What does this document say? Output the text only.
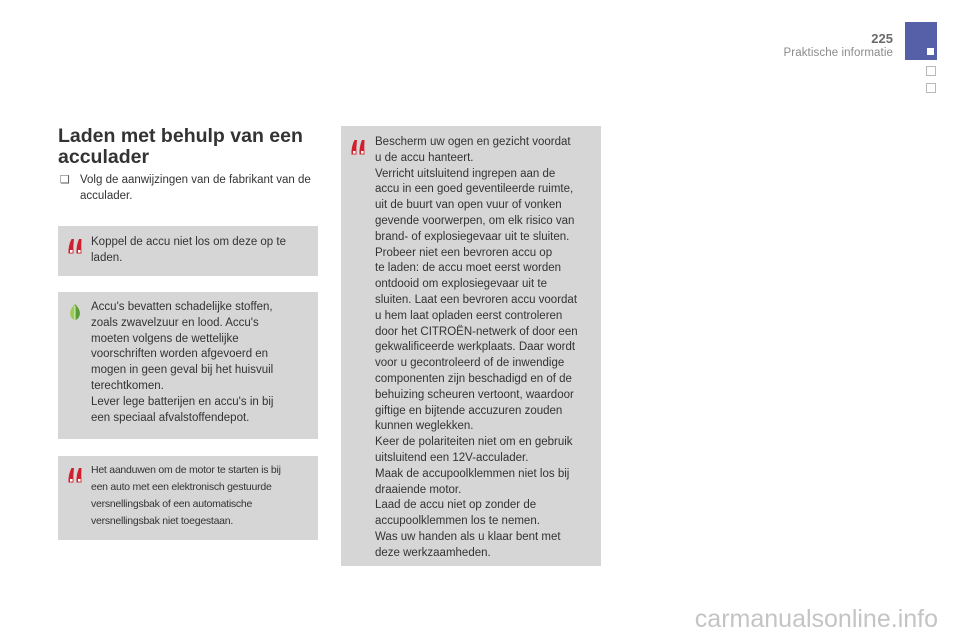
225
Praktische informatie
Laden met behulp van een acculader
❑ Volg de aanwijzingen van de fabrikant van de acculader.
Koppel de accu niet los om deze op te laden.
Accu's bevatten schadelijke stoffen,
zoals zwavelzuur en lood. Accu's
moeten volgens de wettelijke
voorschriften worden afgevoerd en
mogen in geen geval bij het huisvuil
terechtkomen.
Lever lege batterijen en accu's in bij
een speciaal afvalstoffendepot.
Het aanduwen om de motor te starten is bij
een auto met een elektronisch gestuurde
versnellingsbak of een automatische
versnellingsbak niet toegestaan.
Bescherm uw ogen en gezicht voordat
u de accu hanteert.
Verricht uitsluitend ingrepen aan de
accu in een goed geventileerde ruimte,
uit de buurt van open vuur of vonken
gevende voorwerpen, om elk risico van
brand- of explosiegevaar uit te sluiten.
Probeer niet een bevroren accu op
te laden: de accu moet eerst worden
ontdooid om explosiegevaar uit te
sluiten. Laat een bevroren accu voordat
u hem laat opladen eerst controleren
door het CITROËN-netwerk of door een
gekwalificeerde werkplaats. Daar wordt
voor u gecontroleerd of de inwendige
componenten zijn beschadigd en of de
behuizing scheuren vertoont, waardoor
giftige en bijtende accuzuren zouden
kunnen weglekken.
Keer de polariteiten niet om en gebruik
uitsluitend een 12V-acculader.
Maak de accupoolklemmen niet los bij
draaiende motor.
Laad de accu niet op zonder de
accupoolklemmen los te nemen.
Was uw handen als u klaar bent met
deze werkzaamheden.
carmanualsonline.info
